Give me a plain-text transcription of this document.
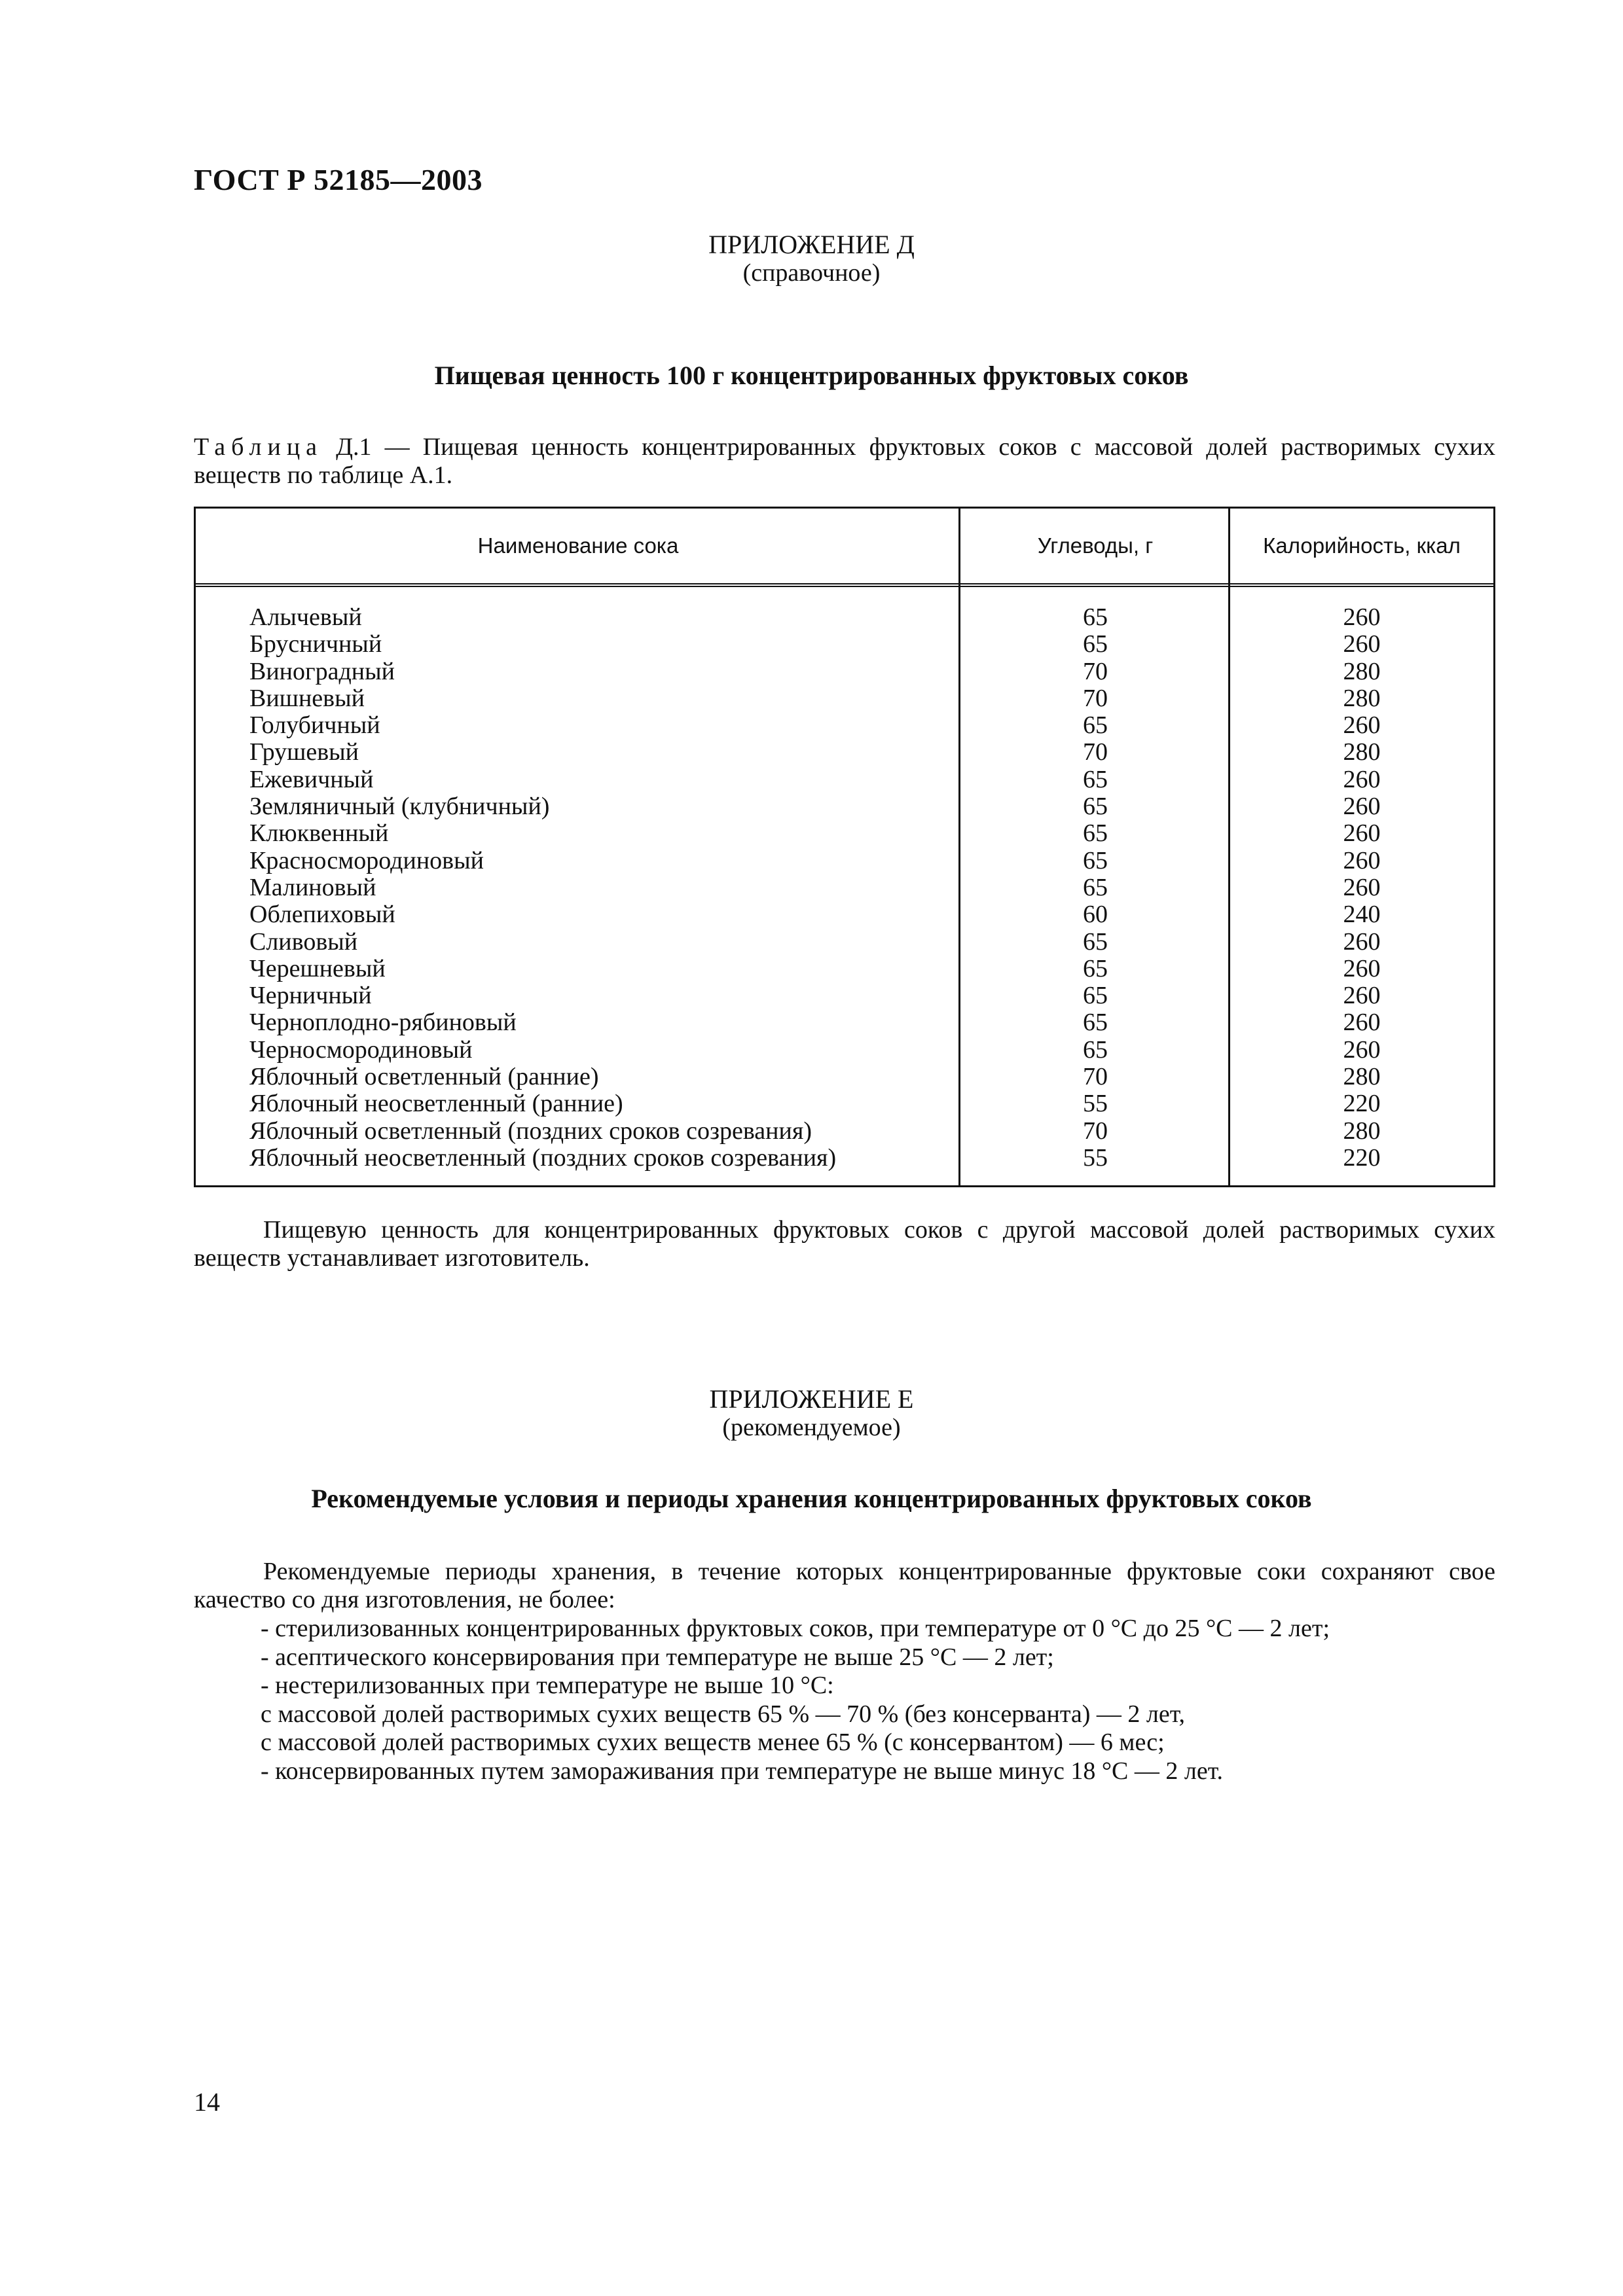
ГОСТ Р 52185—2003
ПРИЛОЖЕНИЕ Д
(справочное)
Пищевая ценность 100 г концентрированных фруктовых соков
Таблица Д.1 — Пищевая ценность концентрированных фруктовых соков с массовой долей растворимых сухих веществ по таблице А.1.
Наименование сока	Углеводы, г	Калорийность, ккал
Алычевый	65	260
Брусничный	65	260
Виноградный	70	280
Вишневый	70	280
Голубичный	65	260
Грушевый	70	280
Ежевичный	65	260
Земляничный (клубничный)	65	260
Клюквенный	65	260
Красносмородиновый	65	260
Малиновый	65	260
Облепиховый	60	240
Сливовый	65	260
Черешневый	65	260
Черничный	65	260
Черноплодно-рябиновый	65	260
Черносмородиновый	65	260
Яблочный осветленный (ранние)	70	280
Яблочный неосветленный (ранние)	55	220
Яблочный осветленный (поздних сроков созревания)	70	280
Яблочный неосветленный (поздних сроков созревания)	55	220
Пищевую ценность для концентрированных фруктовых соков с другой массовой долей растворимых сухих веществ устанавливает изготовитель.
ПРИЛОЖЕНИЕ Е
(рекомендуемое)
Рекомендуемые условия и периоды хранения концентрированных фруктовых соков
Рекомендуемые периоды хранения, в течение которых концентрированные фруктовые соки сохраняют свое качество со дня изготовления, не более:
- стерилизованных концентрированных фруктовых соков, при температуре от 0 °С до 25 °С — 2 лет;
- асептического консервирования при температуре не выше 25 °С — 2 лет;
- нестерилизованных при температуре не выше 10 °С:
с массовой долей растворимых сухих веществ 65 % — 70 % (без консерванта) — 2 лет,
с массовой долей растворимых сухих веществ менее 65 % (с консервантом) — 6 мес;
- консервированных путем замораживания при температуре не выше минус 18 °С — 2 лет.
14
